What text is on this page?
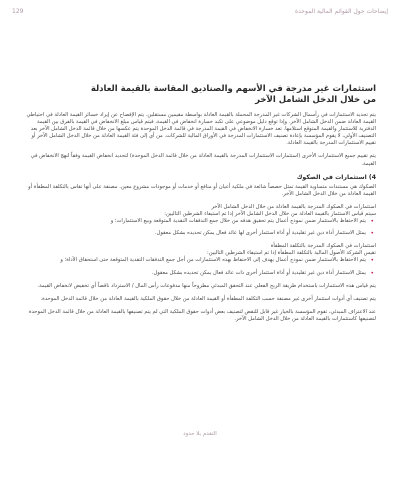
إيضاحات حول القوائم المالية الموحدة
129
استثمارات غير مدرجة في الأسهم والصناديق المقاسة بالقيمة العادلة
من خلال الدخل الشامل الآخر

يتم تحديد الاستثمارات في رأسمال الشركات غير المدرجة المحملة بالقيمة العادلة بواسطة مقيمين مستقلين. يتم الإفصاح عن إيراد خسائر القيمة العادلة في احتياطي القيمة العادلة ضمن الدخل الشامل الآخر. وإذا توقع دليل موضوعي على تكبد خسارة انخفاض في القيمة، فيتم قياس مبلغ الانخفاض في القيمة بالفرق بين القيمة الدفترية للاستثمار والقيمة المتوقع استلامها. تعد خسارة الانخفاض في القيمة المدرجة في قائمة الدخل الموحدة يتم عكسها من خلال قائمة الدخل الشامل الآخر بعد التصنيف الأولي، لا يقوم المؤسسة بإعادة تصنيف الاستثمارات المدرجة في الأوراق المالية للشركات. من أي إلى فئة القيمة العادلة من خلال الدخل الشامل الآخر أو تقييم الاستثمارات المدرجة بالقيمة العادلة.

يتم تقييم جميع الاستثمارات الأخرى (استثمارات الاستثمارات المدرجة بالقيمة العادلة من خلال قائمة الدخل الموحدة) لتحديد انخفاض القيمة وفقاً لنهج الانخفاض في القيمة.

4) استثمارات في الصكوك

الصكوك هي مستندات متساوية القيمة تمثل حصصاً شائعة في ملكية أعيان أو منافع أو خدمات أو موجودات مشروع معين. مصنفة على أنها تقاس بالتكلفة المطفأة أو القيمة العادلة من خلال الدخل الشامل الآخر.

استثمارات في الصكوك المدرجة بالقيمة العادلة من خلال الدخل الشامل الآخر

سيتم قياس الاستثمار بالقيمة العادلة من خلال الدخل الشامل الآخر إذا تم استيفاء الشرطين التاليين:

• يتم الاحتفاظ بالاستثمار ضمن نموذج أعمال يتم تحقيق هدفه من خلال جمع التدفقات النقدية المتوقعة وبيع الاستثمارات؛ و
• يمثل الاستثمار أداة دين غير تقليدية أو أداة استثمار أخرى لها عائد فعال يمكن تحديده بشكل معقول.

استثمارات في الصكوك المدرجة بالتكلفة المطفأة

تقيس الشركة الأصول المالية بالتكلفة المطفأة إذا تم استيفاء الشرطين التاليين:

• يتم الاحتفاظ بالاستثمار ضمن نموذج أعمال يهدف إلى الاحتفاظ بهذه الاستثمارات من أجل جمع التدفقات النقدية المتوقعة حتى استحقاق الأداة؛ و
• يمثل الاستثمار أداة دين غير تقليدية أو أداة استثمار أخرى ذات عائد فعال يمكن تحديده بشكل معقول.

يتم قياس هذه الاستثمارات باستخدام طريقة الربح الفعلي عند التحقق المبدئي مطروحاً منها مدفوعات رأس المال / الاسترداد ناقصاً أي تخفيض لانخفاض القيمة.

يتم تصنيف أي أدوات استثمار أخرى غير مصنفة حسب التكلفة المطفأة أو القيمة العادلة من خلال حقوق الملكية بالقيمة العادلة من خلال قائمة الدخل الموحدة.

عند الاعتراف المبدئي، تقوم المؤسسة بالخيار غير قابل للنقض لتصنيف بعض أدوات حقوق الملكية التي لم يتم تصنيفها بالقيمة العادلة من خلال قائمة الدخل الموحدة لتصنيفها كاستثمارات بالقيمة العادلة من خلال الدخل الشامل الآخر.

التقدم بلا حدود
